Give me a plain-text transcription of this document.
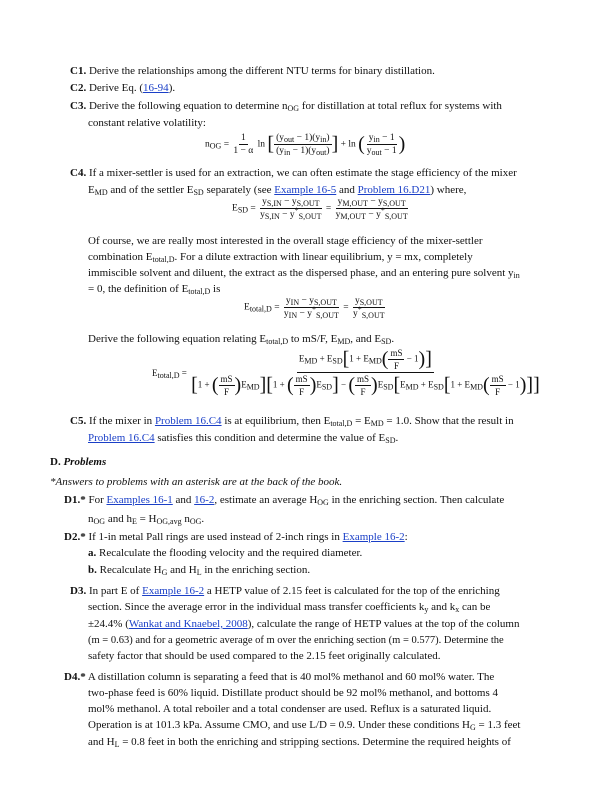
C1. Derive the relationships among the different NTU terms for binary distillation.

C2. Derive Eq. (16-94).

C3. Derive the following equation to determine $n_{OG}$ for distillation at total reflux for systems with

constant relative volatility:

$n_{OG} = \frac{1}{1 - \alpha}$ ln [ $\frac{(y_{out} - 1)(y_{in})}{(y_{in} - 1)(y_{out})}$ ] + ln ( $\frac{y_{in} - 1}{y_{out} - 1}$ )

C4. If a mixer-settler is used for an extraction, we can often estimate the stage efficiency of the mixer

$E_{MD}$ and of the settler $E_{SD}$ separately (see Example 16-5 and Problem 16.D21) where,

$E_{SD} = \frac{y_{S,IN} - y_{S,OUT}}{y_{S,IN} - y^*_{S,OUT}} = \frac{y_{M,OUT} - y_{S,OUT}}{y_{M,OUT} - y^*_{S,OUT}}$

Of course, we are really most interested in the overall stage efficiency of the mixer-settler

combination $E_{total,D}$. For a dilute extraction with linear equilibrium, y = mx, completely

immiscible solvent and diluent, the extract as the dispersed phase, and an entering pure solvent $y_{in}$

= 0, the definition of $E_{total,D}$ is

$E_{total,D} = \frac{y_{IN} - y_{S,OUT}}{y_{IN} - y^*_{S,OUT}} = \frac{y_{S,OUT}}{y^*_{S,OUT}}$

Derive the following equation relating $E_{total,D}$ to mS/F, $E_{MD}$, and $E_{SD}$.

$E_{total,D}$ =
$E_{MD} + E_{SD}[1 + E_{MD}( \frac{mS}{F} - 1)]$
[1 + ( $\frac{mS}{F} )E_{MD}][1$ + ( $\frac{mS}{F} )E_{SD}$] − ( $\frac{mS}{F} )E_{SD}[E_{MD} + E_{SD}[1 + E_{MD}( \frac{mS}{F} - 1)]]$

C5. If the mixer in Problem 16.C4 is at equilibrium, then $E_{total,D} = E_{MD} = 1.0$. Show that the result in

Problem 16.C4 satisfies this condition and determine the value of $E_{SD}$.

D. Problems

*Answers to problems with an asterisk are at the back of the book.

D1.* For Examples 16-1 and 16-2, estimate an average $H_{OG}$ in the enriching section. Then calculate

$n_{OG}$ and $h_E = H_{OG,avg}$ $n_{OG}$.

D2.* If 1-in metal Pall rings are used instead of 2-inch rings in Example 16-2:

a. Recalculate the flooding velocity and the required diameter.

b. Recalculate $H_G$ and $H_L$ in the enriching section.

D3. In part E of Example 16-2 a HETP value of 2.15 feet is calculated for the top of the enriching

section. Since the average error in the individual mass transfer coefficients $k_y$ and $k_x$ can be

±24.4% (Wankat and Knaebel, 2008), calculate the range of HETP values at the top of the column

(m = 0.63) and for a geometric average of m over the enriching section (m = 0.577). Determine the

safety factor that should be used compared to the 2.15 feet originally calculated.

D4.* A distillation column is separating a feed that is 40 mol% methanol and 60 mol% water. The

two-phase feed is 60% liquid. Distillate product should be 92 mol% methanol, and bottoms 4

mol% methanol. A total reboiler and a total condenser are used. Reflux is a saturated liquid.

Operation is at 101.3 kPa. Assume CMO, and use L/D = 0.9. Under these conditions $H_G = 1.3$ feet

and $H_L = 0.8$ feet in both the enriching and stripping sections. Determine the required heights of
